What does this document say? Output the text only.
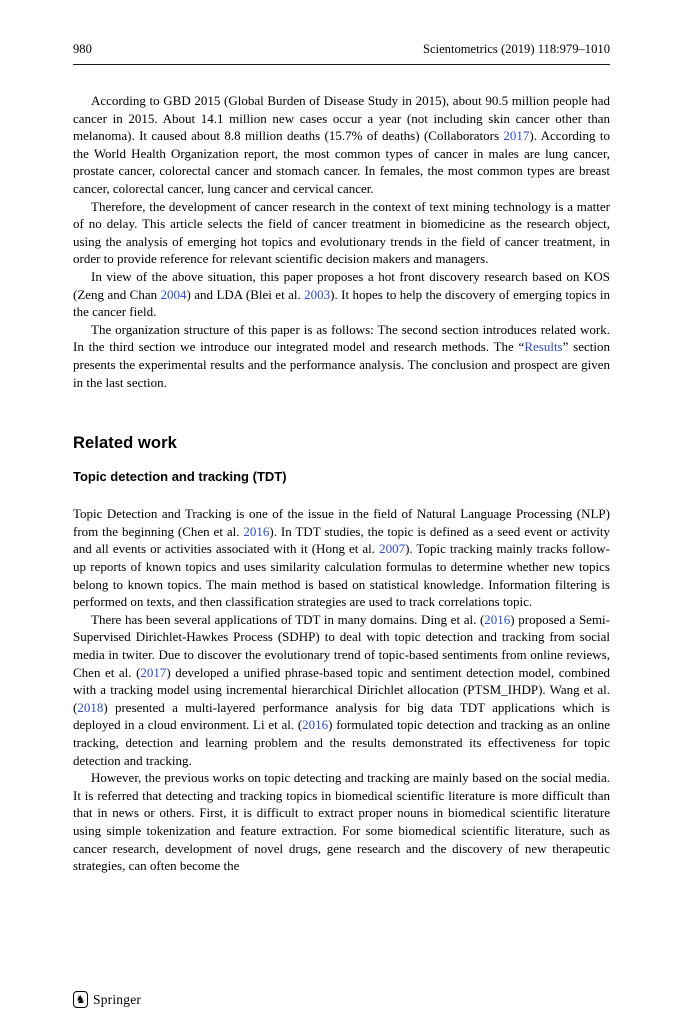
980	Scientometrics (2019) 118:979–1010

According to GBD 2015 (Global Burden of Disease Study in 2015), about 90.5 million people had cancer in 2015. About 14.1 million new cases occur a year (not including skin cancer other than melanoma). It caused about 8.8 million deaths (15.7% of deaths) (Collaborators 2017). According to the World Health Organization report, the most common types of cancer in males are lung cancer, prostate cancer, colorectal cancer and stomach cancer. In females, the most common types are breast cancer, colorectal cancer, lung cancer and cervical cancer.

Therefore, the development of cancer research in the context of text mining technology is a matter of no delay. This article selects the field of cancer treatment in biomedicine as the research object, using the analysis of emerging hot topics and evolutionary trends in the field of cancer treatment, in order to provide reference for relevant scientific decision makers and managers.

In view of the above situation, this paper proposes a hot front discovery research based on KOS (Zeng and Chan 2004) and LDA (Blei et al. 2003). It hopes to help the discovery of emerging topics in the cancer field.

The organization structure of this paper is as follows: The second section introduces related work. In the third section we introduce our integrated model and research methods. The “Results” section presents the experimental results and the performance analysis. The conclusion and prospect are given in the last section.

Related work
Topic detection and tracking (TDT)

Topic Detection and Tracking is one of the issue in the field of Natural Language Processing (NLP) from the beginning (Chen et al. 2016). In TDT studies, the topic is defined as a seed event or activity and all events or activities associated with it (Hong et al. 2007). Topic tracking mainly tracks follow-up reports of known topics and uses similarity calculation formulas to determine whether new topics belong to known topics. The main method is based on statistical knowledge. Information filtering is performed on texts, and then classification strategies are used to track correlations topic.

There has been several applications of TDT in many domains. Ding et al. (2016) proposed a Semi-Supervised Dirichlet-Hawkes Process (SDHP) to deal with topic detection and tracking from social media in twiter. Due to discover the evolutionary trend of topic-based sentiments from online reviews, Chen et al. (2017) developed a unified phrase-based topic and sentiment detection model, combined with a tracking model using incremental hierarchical Dirichlet allocation (PTSM_IHDP). Wang et al. (2018) presented a multi-layered performance analysis for big data TDT applications which is deployed in a cloud environment. Li et al. (2016) formulated topic detection and tracking as an online tracking, detection and learning problem and the results demonstrated its effectiveness for topic detection and tracking.

However, the previous works on topic detecting and tracking are mainly based on the social media. It is referred that detecting and tracking topics in biomedical scientific literature is more difficult than that in news or others. First, it is difficult to extract proper nouns in biomedical scientific literature using simple tokenization and feature extraction. For some biomedical scientific literature, such as cancer research, development of novel drugs, gene research and the discovery of new therapeutic strategies, can often become the

♞ Springer
